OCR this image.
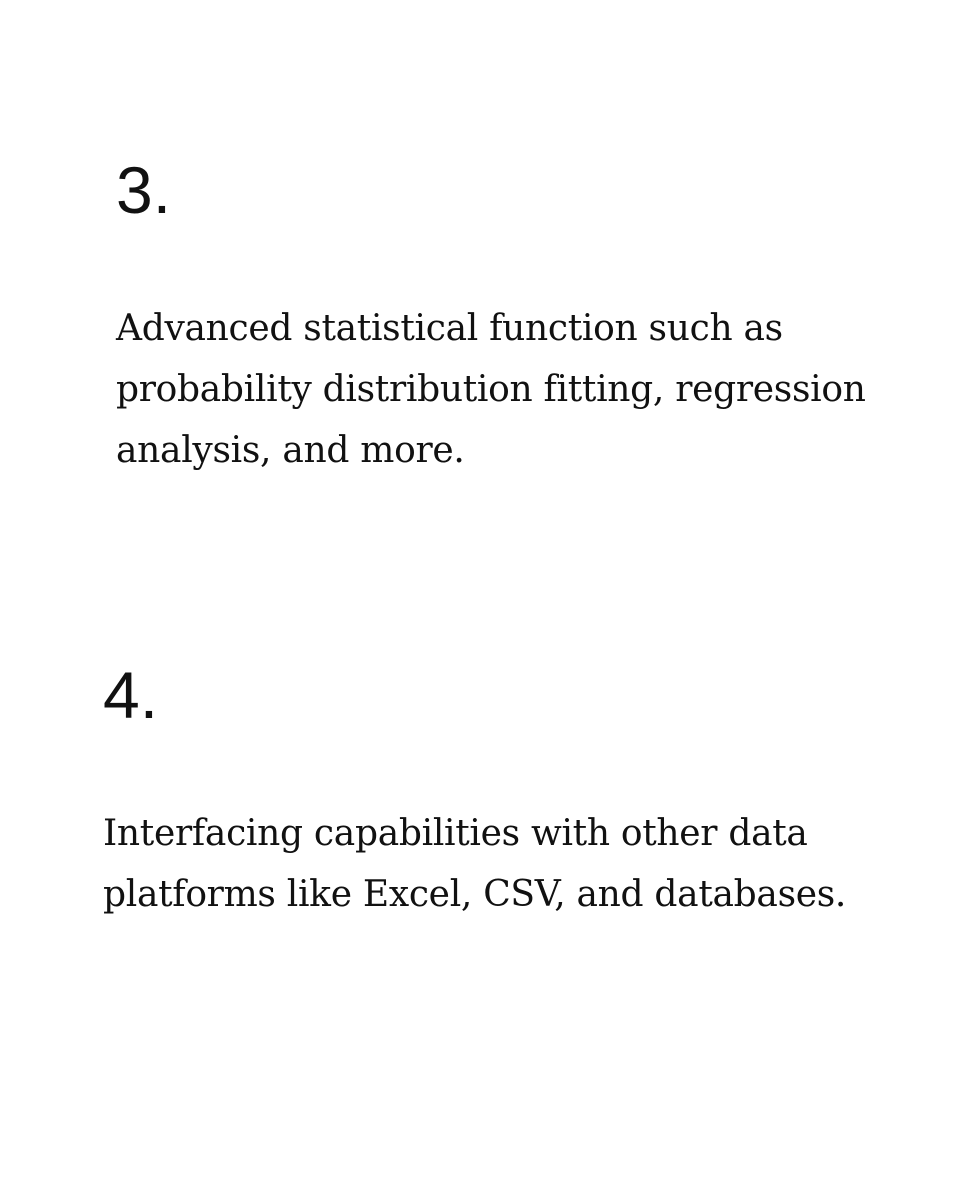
3.

Advanced statistical function such as probability distribution fitting, regression analysis, and more.

4.

Interfacing capabilities with other data platforms like Excel, CSV, and databases.
